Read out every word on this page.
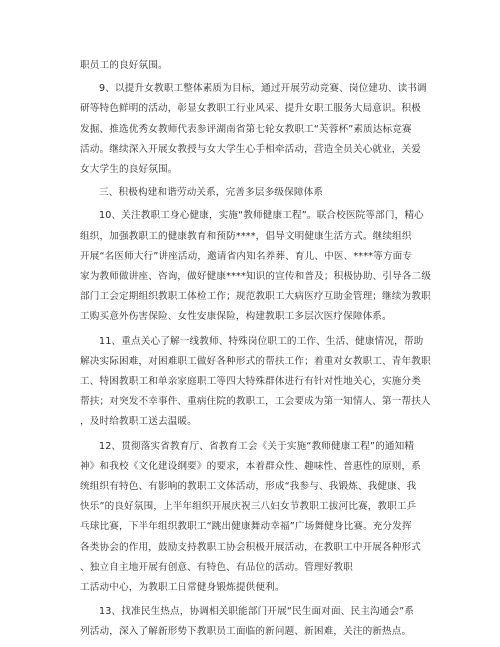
职员工的良好氛围。

9、以提升女教职工整体素质为目标，通过开展劳动竞赛、岗位建功、读书调

研等特色鲜明的活动，彰显女教职工行业风采、提升女职工服务大局意识。积极

发掘、推选优秀女教师代表参评湖南省第七轮女教职工“芙蓉杯”素质达标竞赛

活动。继续深入开展女教授与女大学生心手相牵活动，营造全员关心就业，关爱

女大学生的良好氛围。

三、积极构建和谐劳动关系，完善多层多级保障体系

10、关注教职工身心健康，实施“教师健康工程”。联合校医院等部门，精心

组织，加强教职工的健康教育和预防****，倡导文明健康生活方式。继续组织

开展“名医师大行”讲座活动，邀请省内知名养葬、育儿、中医、****等方面专

家为教师做讲座、咨询，做好健康****知识的宣传和普及；积极协助、引导各二级

部门工会定期组织教职工体检工作；规范教职工大病医疗互助金管理；继续为教职

工购买意外伤害保险、女性安康保险，构建教职工多层次医疗保障体系。

11、重点关心了解一线教师、特殊岗位职工的工作、生活、健康情况，帮助

解决实际困难，对困难职工做好各种形式的帮扶工作；着重对女教职工、青年教职

工、特困教职工和单亲家庭职工等四大特殊群体进行有针对性地关心，实施分类

帮扶；对突发不幸事件、重病住院的教职工，工会要成为第一知情人、第一帮扶人

，及时给教职工送去温暖。

12、贯彻落实省教育厅、省教育工会《关于实施“教师健康工程”的通知精

神》和我校《文化建设纲要》的要求，本着群众性、趣味性、普惠性的原则，系

统组织有特色、有影响的教职工文体活动，形成“我参与、我锻炼、我健康、我

快乐”的良好氛围，上半年组织开展庆祝三八妇女节教职工拔河比赛，教职工乒

乓球比赛，下半年组织教职工“跳出健康舞动幸福”广场舞健身比赛。充分发挥

各类协会的作用，鼓励支持教职工协会积极开展活动，在教职工中开展各种形式

、独立自主地开展有创意、有特色、有品位的活动。管理好教职

工活动中心，为教职工日常健身锻炼提供便利。

13、找准民生热点，协调相关职能部门开展“民生面对面、民主沟通会”系

列活动，深入了解新形势下教职员工面临的新问题、新困难，关注的新热点。
